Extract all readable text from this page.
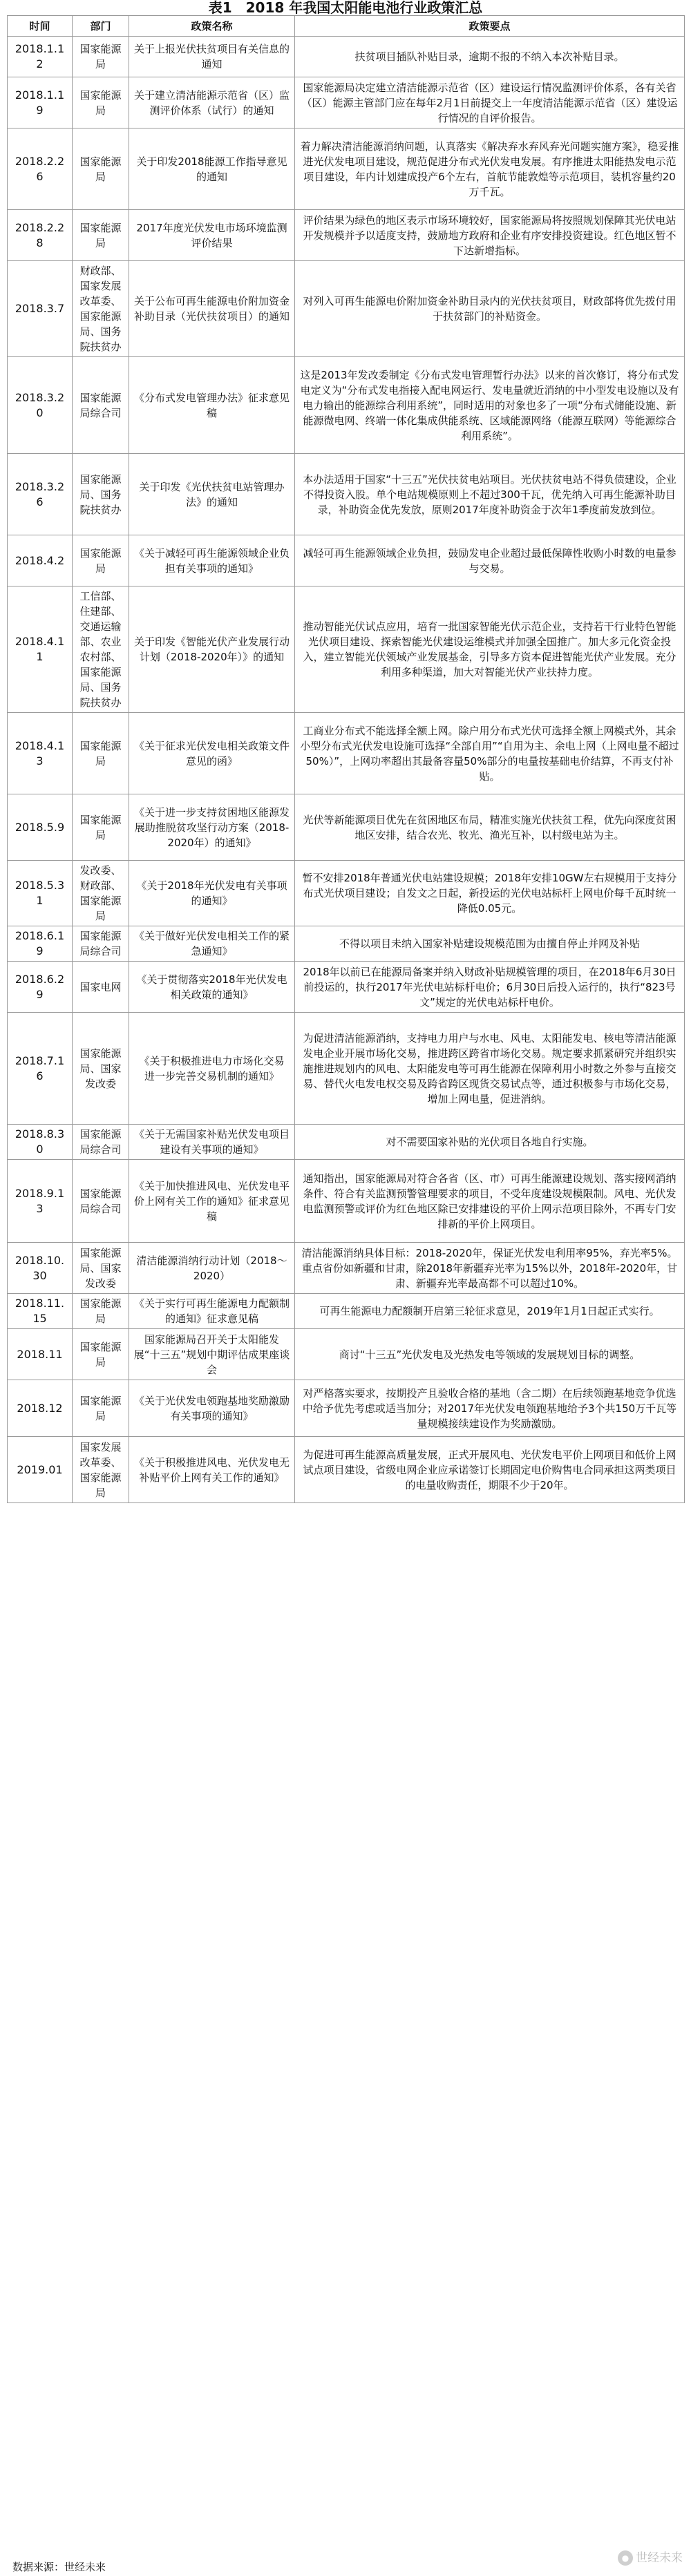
表1　2018 年我国太阳能电池行业政策汇总
时间	部门	政策名称	政策要点
2018.1.12	国家能源局	关于上报光伏扶贫项目有关信息的通知	扶贫项目插队补贴目录，逾期不报的不纳入本次补贴目录。
2018.1.19	国家能源局	关于建立清洁能源示范省（区）监测评价体系（试行）的通知	国家能源局决定建立清洁能源示范省（区）建设运行情况监测评价体系，各有关省（区）能源主管部门应在每年2月1日前提交上一年度清洁能源示范省（区）建设运行情况的自评价报告。
2018.2.26	国家能源局	关于印发2018能源工作指导意见的通知	着力解决清洁能源消纳问题，认真落实《解决弃水弃风弃光问题实施方案》，稳妥推进光伏发电项目建设，规范促进分布式光伏发电发展。有序推进太阳能热发电示范项目建设，年内计划建成投产6个左右，首航节能敦煌等示范项目，装机容量约20万千瓦。
2018.2.28	国家能源局	2017年度光伏发电市场环境监测评价结果	评价结果为绿色的地区表示市场环境较好，国家能源局将按照规划保障其光伏电站开发规模并予以适度支持，鼓励地方政府和企业有序安排投资建设。红色地区暂不下达新增指标。
2018.3.7	财政部、国家发展改革委、国家能源局、国务院扶贫办	关于公布可再生能源电价附加资金补助目录（光伏扶贫项目）的通知	对列入可再生能源电价附加资金补助目录内的光伏扶贫项目，财政部将优先拨付用于扶贫部门的补贴资金。
2018.3.20	国家能源局综合司	《分布式发电管理办法》征求意见稿	这是2013年发改委制定《分布式发电管理暂行办法》以来的首次修订，将分布式发电定义为“分布式发电指接入配电网运行、发电量就近消纳的中小型发电设施以及有电力输出的能源综合利用系统”，同时适用的对象也多了一项“分布式储能设施、新能源微电网、终端一体化集成供能系统、区域能源网络（能源互联网）等能源综合利用系统”。
2018.3.26	国家能源局、国务院扶贫办	关于印发《光伏扶贫电站管理办法》的通知	本办法适用于国家“十三五”光伏扶贫电站项目。光伏扶贫电站不得负债建设，企业不得投资入股。单个电站规模原则上不超过300千瓦，优先纳入可再生能源补助目录，补助资金优先发放，原则2017年度补助资金于次年1季度前发放到位。
2018.4.2	国家能源局	《关于减轻可再生能源领域企业负担有关事项的通知》	减轻可再生能源领域企业负担，鼓励发电企业超过最低保障性收购小时数的电量参与交易。
2018.4.11	工信部、住建部、交通运输部、农业农村部、国家能源局、国务院扶贫办	关于印发《智能光伏产业发展行动计划（2018-2020年）》的通知	推动智能光伏试点应用，培育一批国家智能光伏示范企业，支持若干行业特色智能光伏项目建设、探索智能光伏建设运维模式并加强全国推广。加大多元化资金投入，建立智能光伏领域产业发展基金，引导多方资本促进智能光伏产业发展。充分利用多种渠道，加大对智能光伏产业扶持力度。
2018.4.13	国家能源局	《关于征求光伏发电相关政策文件意见的函》	工商业分布式不能选择全额上网。除户用分布式光伏可选择全额上网模式外，其余小型分布式光伏发电设施可选择“全部自用”“自用为主、余电上网（上网电量不超过50%）”，上网功率超出其最备容量50%部分的电量按基础电价结算，不再支付补贴。
2018.5.9	国家能源局	《关于进一步支持贫困地区能源发展助推脱贫攻坚行动方案（2018-2020年）的通知》	光伏等新能源项目优先在贫困地区布局，精准实施光伏扶贫工程，优先向深度贫困地区安排，结合农光、牧光、渔光互补，以村级电站为主。
2018.5.31	发改委、财政部、国家能源局	《关于2018年光伏发电有关事项的通知》	暂不安排2018年普通光伏电站建设规模；2018年安排10GW左右规模用于支持分布式光伏项目建设；自发文之日起，新投运的光伏电站标杆上网电价每千瓦时统一降低0.05元。
2018.6.19	国家能源局综合司	《关于做好光伏发电相关工作的紧急通知》	不得以项目未纳入国家补贴建设规模范围为由擅自停止并网及补贴
2018.6.29	国家电网	《关于贯彻落实2018年光伏发电相关政策的通知》	2018年以前已在能源局备案并纳入财政补贴规模管理的项目，在2018年6月30日前投运的，执行2017年光伏电站标杆电价；6月30日后投入运行的，执行“823号文”规定的光伏电站标杆电价。
2018.7.16	国家能源局、国家发改委	《关于积极推进电力市场化交易 进一步完善交易机制的通知》	为促进清洁能源消纳，支持电力用户与水电、风电、太阳能发电、核电等清洁能源发电企业开展市场化交易，推进跨区跨省市场化交易。规定要求抓紧研究并组织实施推进规划内的风电、太阳能发电等可再生能源在保障利用小时数之外参与直接交易、替代火电发电权交易及跨省跨区现货交易试点等，通过积极参与市场化交易，增加上网电量，促进消纳。
2018.8.30	国家能源局综合司	《关于无需国家补贴光伏发电项目建设有关事项的通知》	对不需要国家补贴的光伏项目各地自行实施。
2018.9.13	国家能源局综合司	《关于加快推进风电、光伏发电平价上网有关工作的通知》征求意见稿	通知指出，国家能源局对符合各省（区、市）可再生能源建设规划、落实接网消纳条件、符合有关监测预警管理要求的项目，不受年度建设规模限制。风电、光伏发电监测预警或评价为红色地区除已安排建设的平价上网示范项目除外，不再专门安排新的平价上网项目。
2018.10.30	国家能源局、国家发改委	清洁能源消纳行动计划（2018～2020）	清洁能源消纳具体目标：2018-2020年，保证光伏发电利用率95%，弃光率5%。重点省份如新疆和甘肃，除2018年新疆弃光率为15%以外，2018年-2020年，甘肃、新疆弃光率最高都不可以超过10%。
2018.11.15	国家能源局	《关于实行可再生能源电力配额制的通知》征求意见稿	可再生能源电力配额制开启第三轮征求意见，2019年1月1日起正式实行。
2018.11	国家能源局	国家能源局召开关于太阳能发展“十三五”规划中期评估成果座谈会	商讨“十三五”光伏发电及光热发电等领域的发展规划目标的调整。
2018.12	国家能源局	《关于光伏发电领跑基地奖励激励有关事项的通知》	对严格落实要求，按期投产且验收合格的基地（含二期）在后续领跑基地竞争优选中给予优先考虑或适当加分；对2017年光伏发电领跑基地给予3个共150万千瓦等量规模接续建设作为奖励激励。
2019.01	国家发展改革委、国家能源局	《关于积极推进风电、光伏发电无补贴平价上网有关工作的通知》	为促进可再生能源高质量发展，正式开展风电、光伏发电平价上网项目和低价上网试点项目建设，省级电网企业应承诺签订长期固定电价购售电合同承担这两类项目的电量收购责任，期限不少于20年。
数据来源：世经未来
● 世经未来
